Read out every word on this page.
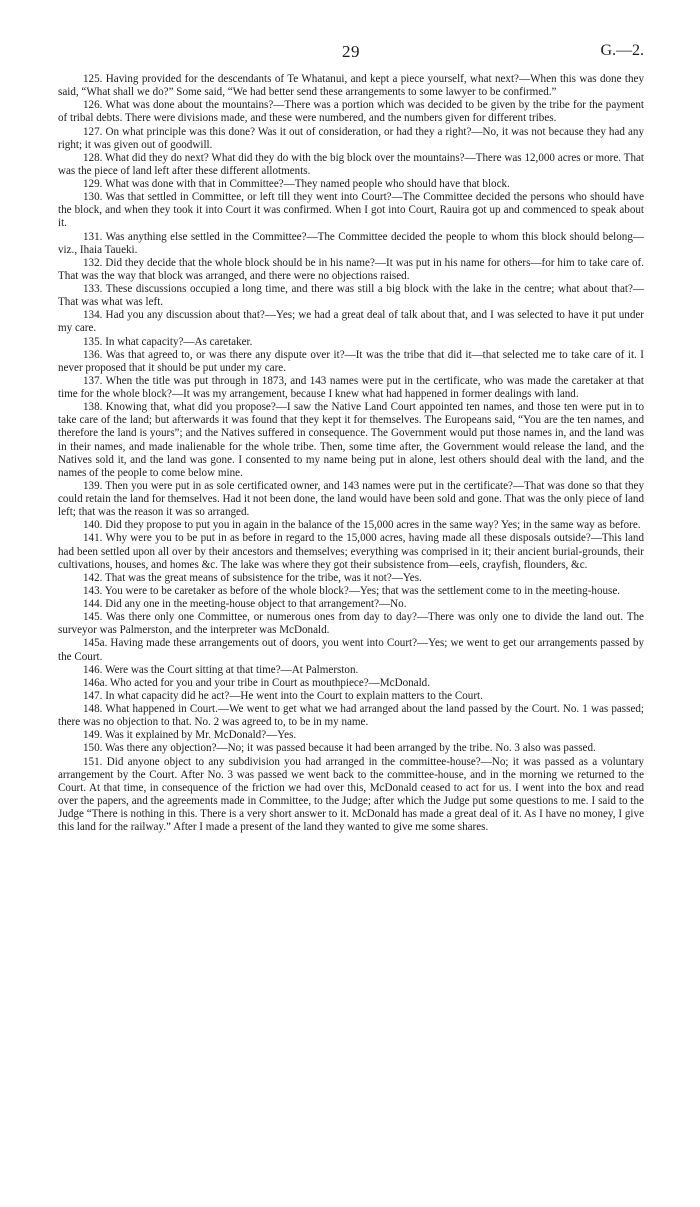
29	G.—2.

125. Having provided for the descendants of Te Whatanui, and kept a piece yourself, what next?—When this was done they said, “What shall we do?” Some said, “We had better send these arrangements to some lawyer to be confirmed.”

126. What was done about the mountains?—There was a portion which was decided to be given by the tribe for the payment of tribal debts. There were divisions made, and these were numbered, and the numbers given for different tribes.

127. On what principle was this done? Was it out of consideration, or had they a right?—No, it was not because they had any right; it was given out of goodwill.

128. What did they do next? What did they do with the big block over the mountains?—There was 12,000 acres or more. That was the piece of land left after these different allotments.

129. What was done with that in Committee?—They named people who should have that block.

130. Was that settled in Committee, or left till they went into Court?—The Committee decided the persons who should have the block, and when they took it into Court it was confirmed. When I got into Court, Rauira got up and commenced to speak about it.

131. Was anything else settled in the Committee?—The Committee decided the people to whom this block should belong—viz., Ihaia Taueki.

132. Did they decide that the whole block should be in his name?—It was put in his name for others—for him to take care of. That was the way that block was arranged, and there were no objections raised.

133. These discussions occupied a long time, and there was still a big block with the lake in the centre; what about that?—That was what was left.

134. Had you any discussion about that?—Yes; we had a great deal of talk about that, and I was selected to have it put under my care.

135. In what capacity?—As caretaker.

136. Was that agreed to, or was there any dispute over it?—It was the tribe that did it—that selected me to take care of it. I never proposed that it should be put under my care.

137. When the title was put through in 1873, and 143 names were put in the certificate, who was made the caretaker at that time for the whole block?—It was my arrangement, because I knew what had happened in former dealings with land.

138. Knowing that, what did you propose?—I saw the Native Land Court appointed ten names, and those ten were put in to take care of the land; but afterwards it was found that they kept it for themselves. The Europeans said, “You are the ten names, and therefore the land is yours”; and the Natives suffered in consequence. The Government would put those names in, and the land was in their names, and made inalienable for the whole tribe. Then, some time after, the Government would release the land, and the Natives sold it, and the land was gone. I consented to my name being put in alone, lest others should deal with the land, and the names of the people to come below mine.

139. Then you were put in as sole certificated owner, and 143 names were put in the certificate?—That was done so that they could retain the land for themselves. Had it not been done, the land would have been sold and gone. That was the only piece of land left; that was the reason it was so arranged.

140. Did they propose to put you in again in the balance of the 15,000 acres in the same way? Yes; in the same way as before.

141. Why were you to be put in as before in regard to the 15,000 acres, having made all these disposals outside?—This land had been settled upon all over by their ancestors and themselves; everything was comprised in it; their ancient burial-grounds, their cultivations, houses, and homes &c. The lake was where they got their subsistence from—eels, crayfish, flounders, &c.

142. That was the great means of subsistence for the tribe, was it not?—Yes.

143. You were to be caretaker as before of the whole block?—Yes; that was the settlement come to in the meeting-house.

144. Did any one in the meeting-house object to that arrangement?—No.

145. Was there only one Committee, or numerous ones from day to day?—There was only one to divide the land out. The surveyor was Palmerston, and the interpreter was McDonald.

145a. Having made these arrangements out of doors, you went into Court?—Yes; we went to get our arrangements passed by the Court.

146. Were was the Court sitting at that time?—At Palmerston.

146a. Who acted for you and your tribe in Court as mouthpiece?—McDonald.

147. In what capacity did he act?—He went into the Court to explain matters to the Court.

148. What happened in Court.—We went to get what we had arranged about the land passed by the Court. No. 1 was passed; there was no objection to that. No. 2 was agreed to, to be in my name.

149. Was it explained by Mr. McDonald?—Yes.

150. Was there any objection?—No; it was passed because it had been arranged by the tribe. No. 3 also was passed.

151. Did anyone object to any subdivision you had arranged in the committee-house?—No; it was passed as a voluntary arrangement by the Court. After No. 3 was passed we went back to the committee-house, and in the morning we returned to the Court. At that time, in consequence of the friction we had over this, McDonald ceased to act for us. I went into the box and read over the papers, and the agreements made in Committee, to the Judge; after which the Judge put some questions to me. I said to the Judge “There is nothing in this. There is a very short answer to it. McDonald has made a great deal of it. As I have no money, I give this land for the railway.” After I made a present of the land they wanted to give me some shares.
